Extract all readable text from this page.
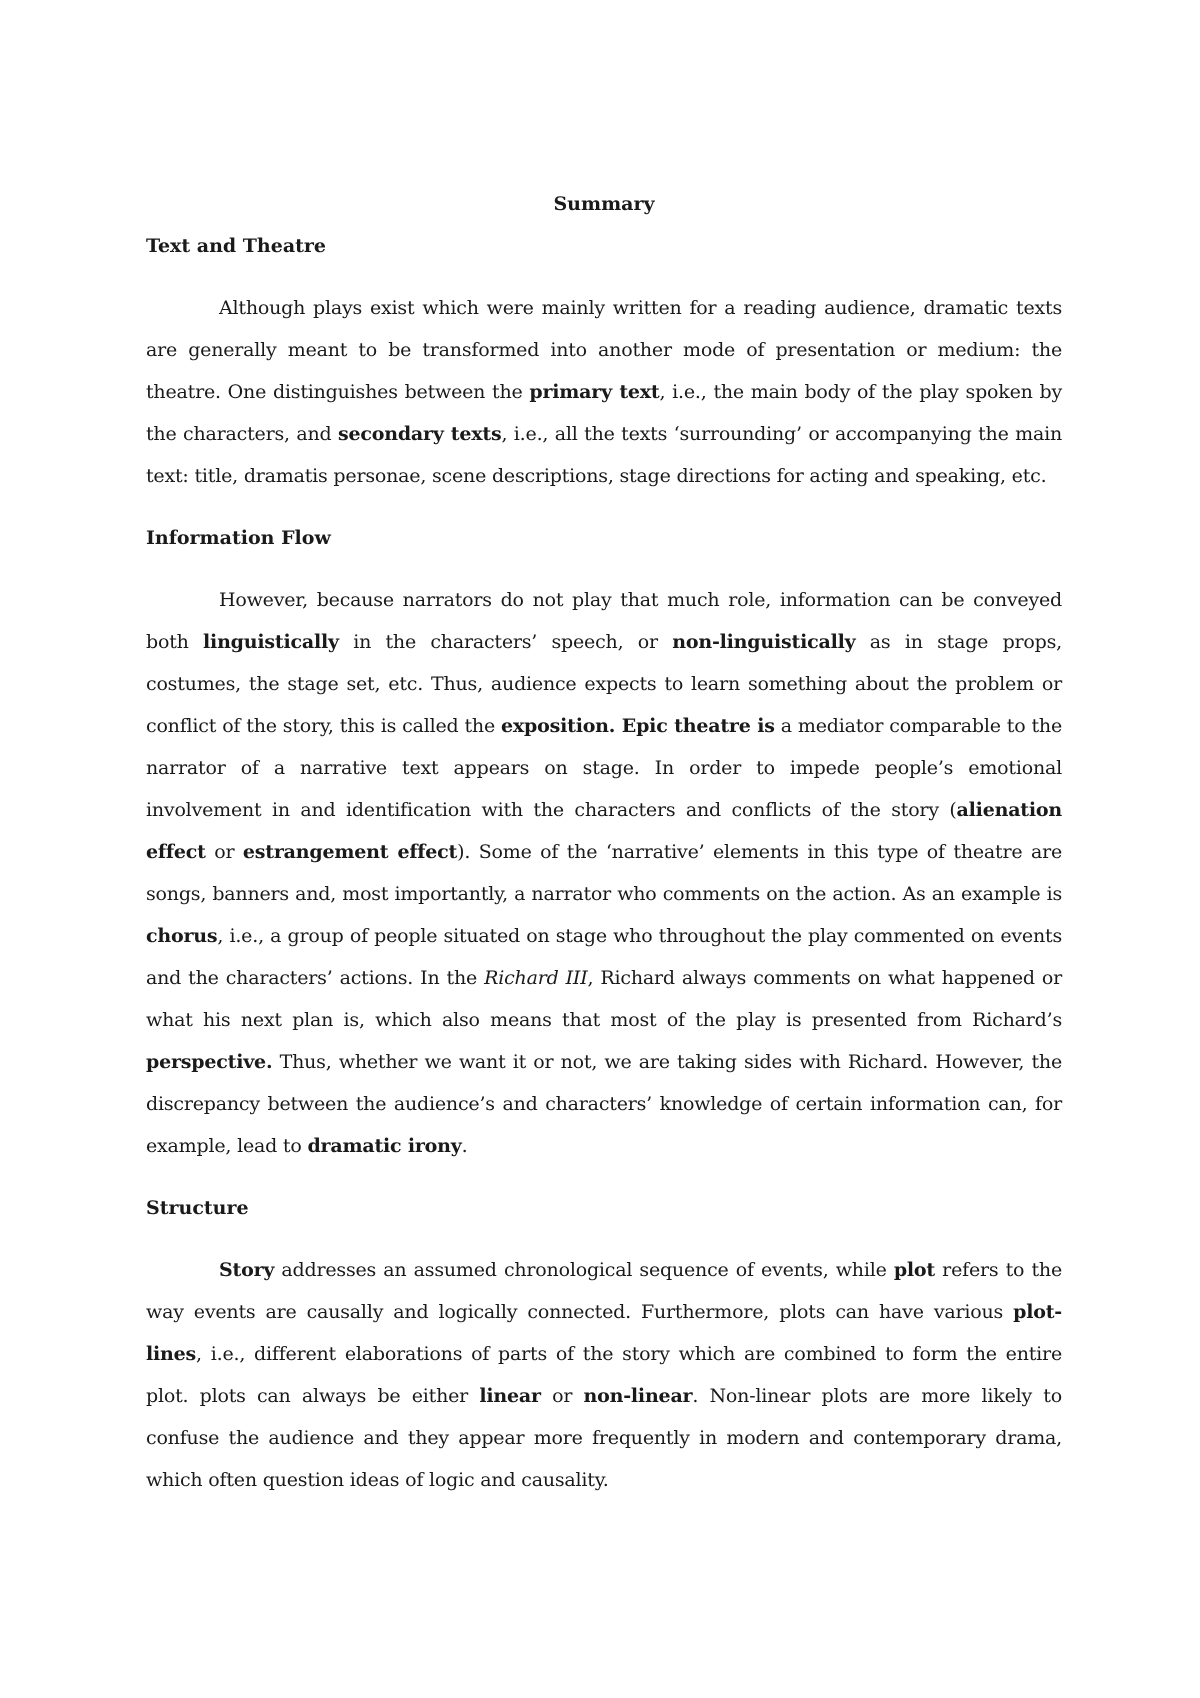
Summary
Text and Theatre

Although plays exist which were mainly written for a reading audience, dramatic texts are generally meant to be transformed into another mode of presentation or medium: the theatre. One distinguishes between the primary text, i.e., the main body of the play spoken by the characters, and secondary texts, i.e., all the texts ‘surrounding’ or accompanying the main text: title, dramatis personae, scene descriptions, stage directions for acting and speaking, etc.

Information Flow

However, because narrators do not play that much role, information can be conveyed both linguistically in the characters’ speech, or non-linguistically as in stage props, costumes, the stage set, etc. Thus, audience expects to learn something about the problem or conflict of the story, this is called the exposition. Epic theatre is a mediator comparable to the narrator of a narrative text appears on stage. In order to impede people’s emotional involvement in and identification with the characters and conflicts of the story (alienation effect or estrangement effect). Some of the ‘narrative’ elements in this type of theatre are songs, banners and, most importantly, a narrator who comments on the action. As an example is chorus, i.e., a group of people situated on stage who throughout the play commented on events and the characters’ actions. In the Richard III, Richard always comments on what happened or what his next plan is, which also means that most of the play is presented from Richard’s perspective. Thus, whether we want it or not, we are taking sides with Richard. However, the discrepancy between the audience’s and characters’ knowledge of certain information can, for example, lead to dramatic irony.

Structure

Story addresses an assumed chronological sequence of events, while plot refers to the way events are causally and logically connected. Furthermore, plots can have various plot-lines, i.e., different elaborations of parts of the story which are combined to form the entire plot. plots can always be either linear or non-linear. Non-linear plots are more likely to confuse the audience and they appear more frequently in modern and contemporary drama, which often question ideas of logic and causality.
